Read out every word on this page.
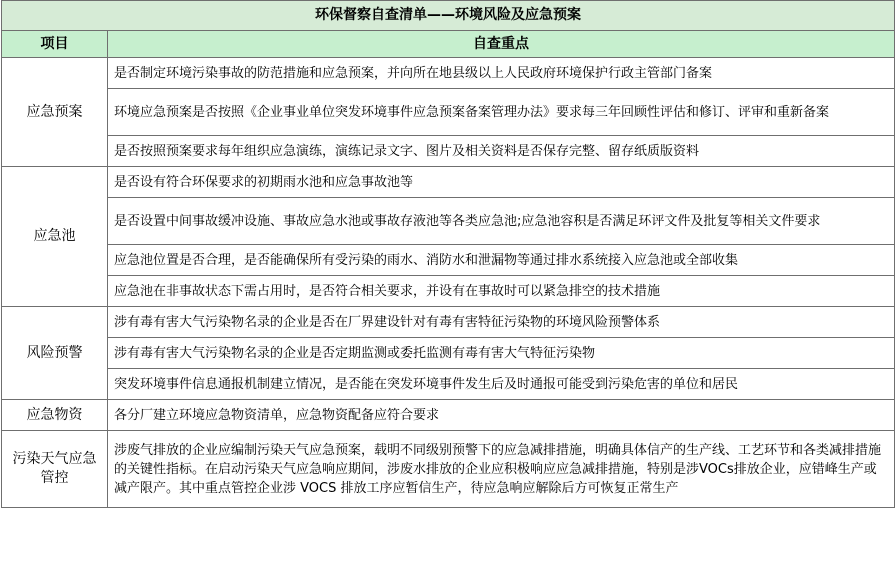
环保督察自查清单——环境风险及应急预案	
项目	自查重点
应急预案	是否制定环境污染事故的防范措施和应急预案，并向所在地县级以上人民政府环境保护行政主管部门备案
	环境应急预案是否按照《企业事业单位突发环境事件应急预案备案管理办法》要求每三年回顾性评估和修订、评审和重新备案
	是否按照预案要求每年组织应急演练，演练记录文字、图片及相关资料是否保存完整、留存纸质版资料
应急池	是否设有符合环保要求的初期雨水池和应急事故池等
	是否设置中间事故缓冲设施、事故应急水池或事故存液池等各类应急池;应急池容积是否满足环评文件及批复等相关文件要求
	应急池位置是否合理，是否能确保所有受污染的雨水、消防水和泄漏物等通过排水系统接入应急池或全部收集
	应急池在非事故状态下需占用时，是否符合相关要求，并设有在事故时可以紧急排空的技术措施
风险预警	涉有毒有害大气污染物名录的企业是否在厂界建设针对有毒有害特征污染物的环境风险预警体系
	涉有毒有害大气污染物名录的企业是否定期监测或委托监测有毒有害大气特征污染物
	突发环境事件信息通报机制建立情况，是否能在突发环境事件发生后及时通报可能受到污染危害的单位和居民
应急物资	各分厂建立环境应急物资清单，应急物资配备应符合要求
污染天气应急管控	涉废气排放的企业应编制污染天气应急预案，载明不同级别预警下的应急减排措施，明确具体信产的生产线、工艺环节和各类减排措施的关键性指标。在启动污染天气应急响应期间，涉废水排放的企业应积极响应应急减排措施，特别是涉VOCs排放企业，应错峰生产或减产限产。其中重点管控企业涉 VOCS 排放工序应暂信生产，待应急响应解除后方可恢复正常生产
